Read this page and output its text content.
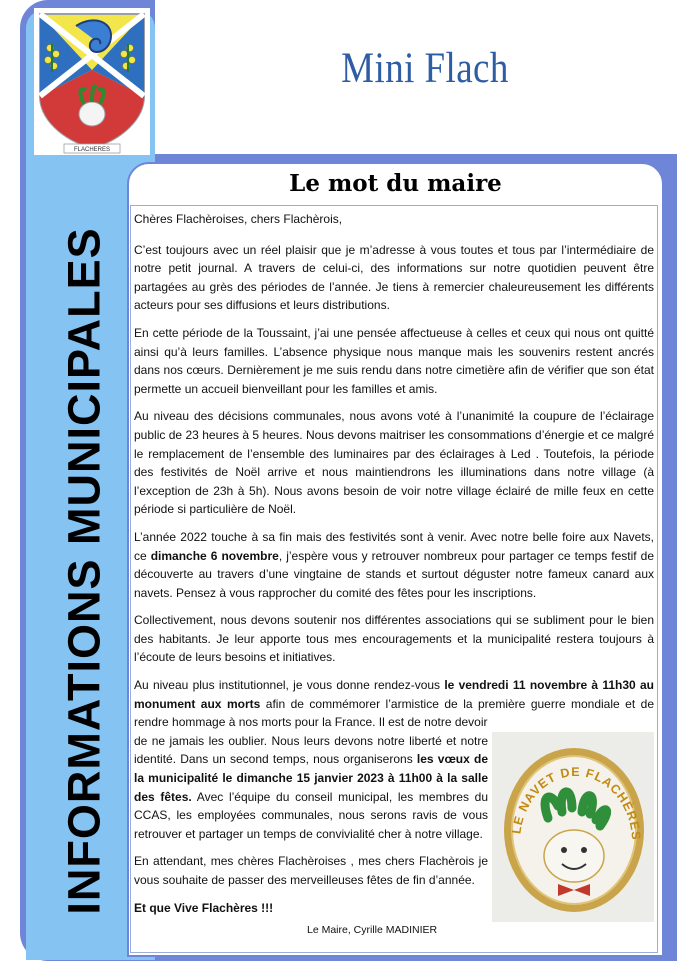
FLACHERES
INFORMATIONS MUNICIPALES
Mini Flach
ANNEE 2022– N°29
NOVEMBRE-DECEMBRE
Le mot du maire

Chères Flachèroises, chers Flachèrois,

C’est toujours avec un réel plaisir que je m’adresse à vous toutes et tous par l’intermédiaire de notre petit journal. A travers de celui-ci, des informations sur notre quotidien peuvent être partagées au grès des périodes de l’année. Je tiens à remercier chaleureusement les différents acteurs pour ses diffusions et leurs distributions.

En cette période de la Toussaint, j’ai une pensée affectueuse à celles et ceux qui nous ont quitté ainsi qu’à leurs familles. L’absence physique nous manque mais les souvenirs restent ancrés dans nos cœurs. Dernièrement je me suis rendu dans notre cimetière afin de vérifier que son état permette un accueil bienveillant pour les familles et amis.

Au niveau des décisions communales, nous avons voté à l’unanimité la coupure de l’éclairage public de 23 heures à 5 heures. Nous devons maitriser les consommations d’énergie et ce malgré le remplacement de l’ensemble des luminaires par des éclairages à Led . Toutefois, la période des festivités de Noël arrive et nous maintiendrons les illuminations dans notre village (à l’exception de 23h à 5h). Nous avons besoin de voir notre village éclairé de mille feux en cette période si particulière de Noël.

L’année 2022 touche à sa fin mais des festivités sont à venir. Avec notre belle foire aux Navets, ce dimanche 6 novembre, j’espère vous y retrouver nombreux pour partager ce temps festif de découverte au travers d’une vingtaine de stands et surtout déguster notre fameux canard aux navets. Pensez à vous rapprocher du comité des fêtes pour les inscriptions.

Collectivement, nous devons soutenir nos différentes associations qui se subliment pour le bien des habitants. Je leur apporte tous mes encouragements et la municipalité restera toujours à l’écoute de leurs besoins et initiatives.

Au niveau plus institutionnel, je vous donne rendez-vous le vendredi 11 novembre à 11h30 au monument aux morts afin de commémorer l’armistice de la première guerre mondiale et de rendre hommage à nos morts pour la France. Il est de notre devoir

de ne jamais les oublier. Nous leurs devons notre liberté et notre identité. Dans un second temps, nous organiserons les vœux de la municipalité le dimanche 15 janvier 2023 à 11h00 à la salle des fêtes. Avec l’équipe du conseil municipal, les membres du CCAS, les employées communales, nous serons ravis de vous retrouver et partager un temps de convivialité cher à notre village.

En attendant, mes chères Flachèroises , mes chers Flachèrois je vous souhaite de passer des merveilleuses fêtes de fin d’année.

Et que Vive Flachères !!!

Le Maire, Cyrille MADINIER
LE NAVET DE FLACHÈRES
